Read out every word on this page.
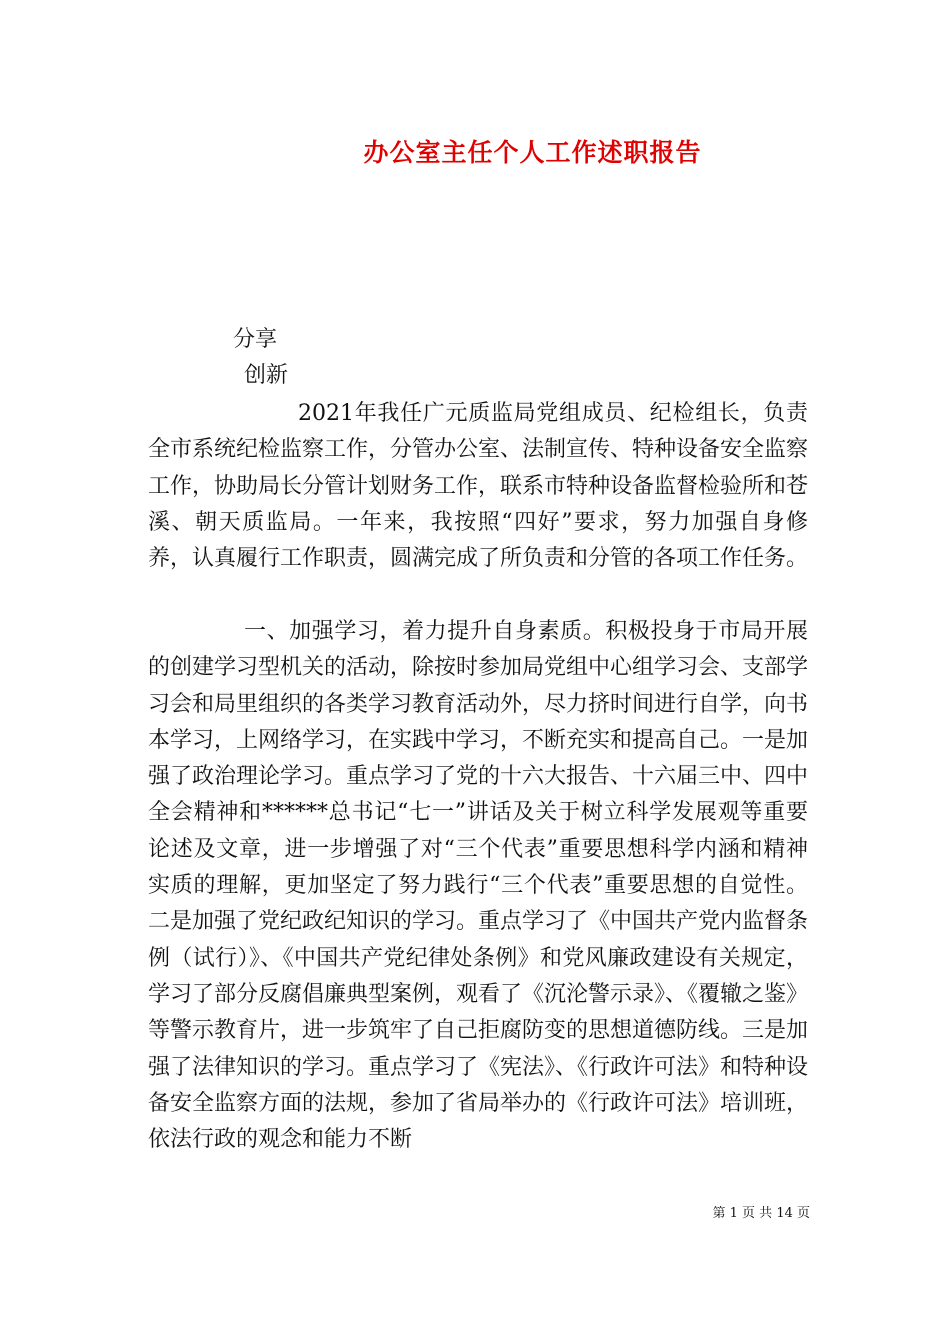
办公室主任个人工作述职报告
分享
创新

2021年我任广元质监局党组成员、纪检组长，负责全市系统纪检监察工作，分管办公室、法制宣传、特种设备安全监察工作，协助局长分管计划财务工作，联系市特种设备监督检验所和苍溪、朝天质监局。一年来，我按照“四好”要求，努力加强自身修养，认真履行工作职责，圆满完成了所负责和分管的各项工作任务。

一、加强学习，着力提升自身素质。积极投身于市局开展的创建学习型机关的活动，除按时参加局党组中心组学习会、支部学习会和局里组织的各类学习教育活动外，尽力挤时间进行自学，向书本学习，上网络学习，在实践中学习，不断充实和提高自己。一是加强了政治理论学习。重点学习了党的十六大报告、十六届三中、四中全会精神和******总书记“七一”讲话及关于树立科学发展观等重要论述及文章，进一步增强了对“三个代表”重要思想科学内涵和精神实质的理解，更加坚定了努力践行“三个代表”重要思想的自觉性。二是加强了党纪政纪知识的学习。重点学习了《中国共产党内监督条例（试行）》、《中国共产党纪律处条例》和党风廉政建设有关规定，学习了部分反腐倡廉典型案例，观看了《沉沦警示录》、《覆辙之鉴》等警示教育片，进一步筑牢了自己拒腐防变的思想道德防线。三是加强了法律知识的学习。重点学习了《宪法》、《行政许可法》和特种设备安全监察方面的法规，参加了省局举办的《行政许可法》培训班，依法行政的观念和能力不断

第 1 页 共 14 页
